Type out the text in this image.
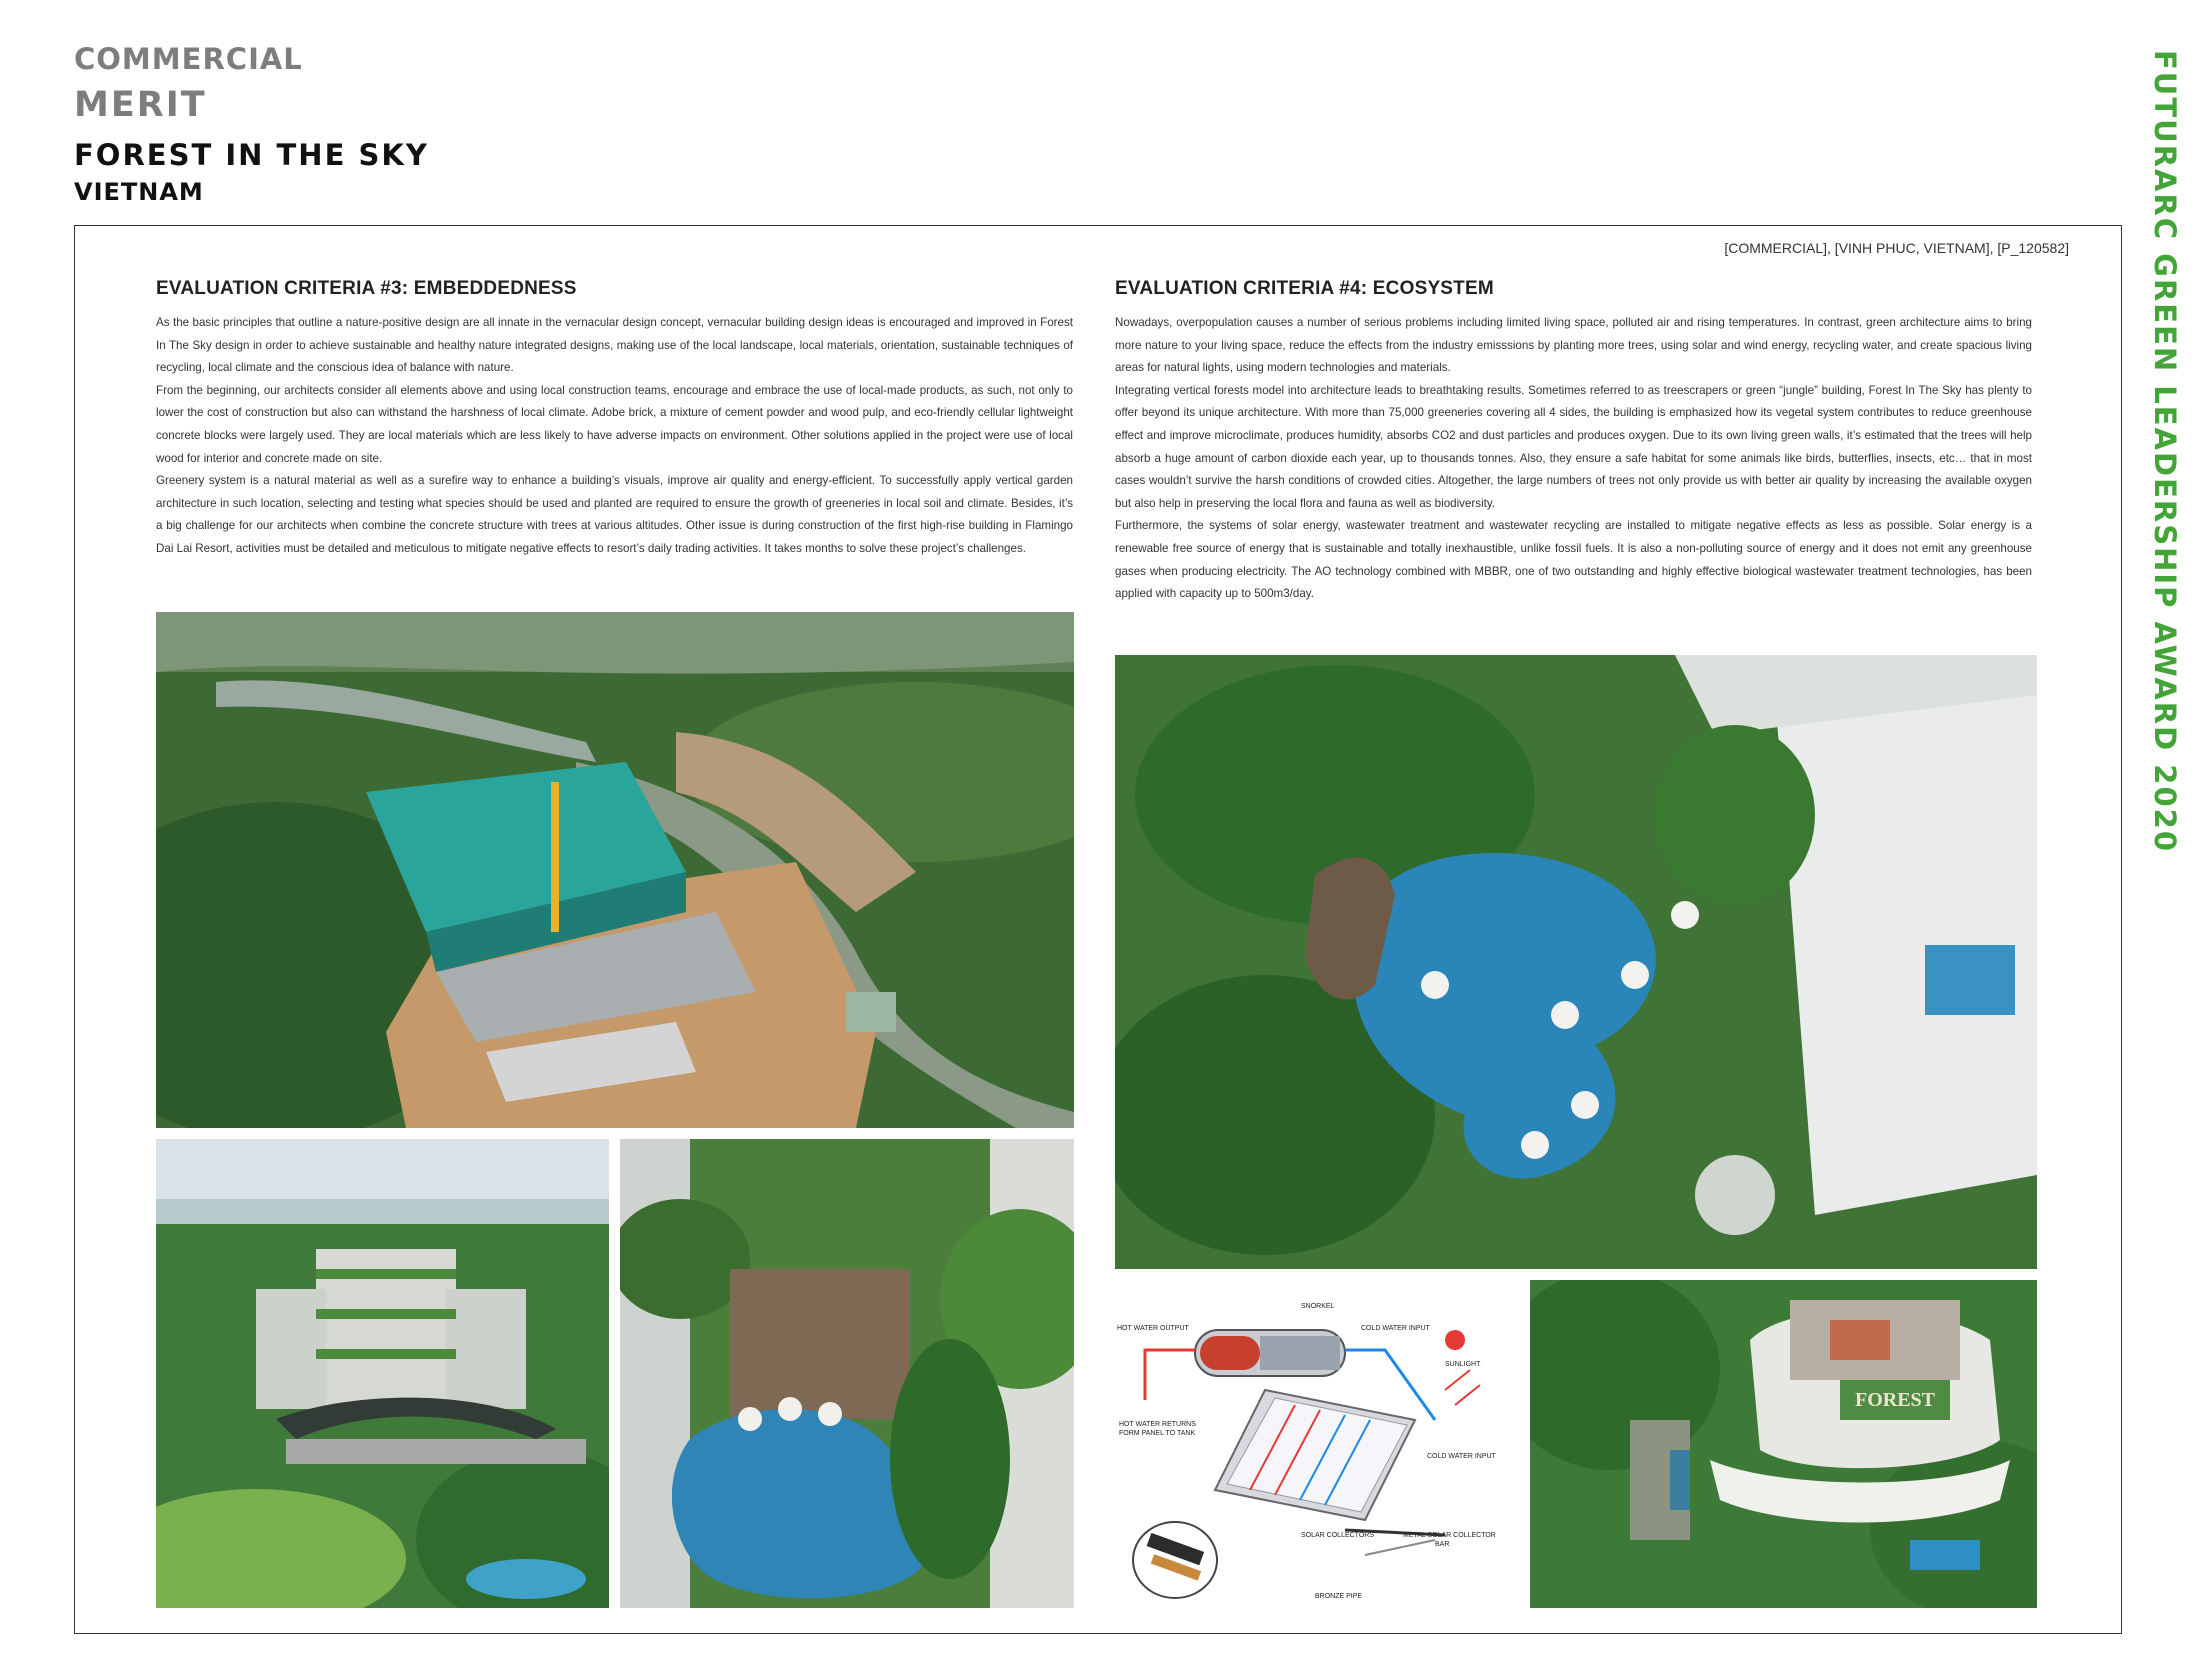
COMMERCIAL
MERIT
FOREST IN THE SKY
VIETNAM	FUTURARC GREEN LEADERSHIP AWARD 2020
[COMMERCIAL], [VINH PHUC, VIETNAM], [P_120582]
EVALUATION CRITERIA #3: EMBEDDEDNESS

As the basic principles that outline a nature-positive design are all innate in the vernacular design concept, vernacular building design ideas is encouraged and improved in Forest In The Sky design in order to achieve sustainable and healthy nature integrated designs, making use of the local landscape, local materials, orientation, sustainable techniques of recycling, local climate and the conscious idea of balance with nature.

From the beginning, our architects consider all elements above and using local construction teams, encourage and embrace the use of local-made products, as such, not only to lower the cost of construction but also can withstand the harshness of local climate. Adobe brick, a mixture of cement powder and wood pulp, and eco-friendly cellular lightweight concrete blocks were largely used. They are local materials which are less likely to have adverse impacts on environment. Other solutions applied in the project were use of local wood for interior and concrete made on site.

Greenery system is a natural material as well as a surefire way to enhance a building’s visuals, improve air quality and energy-efficient. To successfully apply vertical garden architecture in such location, selecting and testing what species should be used and planted are required to ensure the growth of greeneries in local soil and climate. Besides, it’s a big challenge for our architects when combine the concrete structure with trees at various altitudes. Other issue is during construction of the first high-rise building in Flamingo Dai Lai Resort, activities must be detailed and meticulous to mitigate negative effects to resort’s daily trading activities. It takes months to solve these project’s challenges.

EVALUATION CRITERIA #4: ECOSYSTEM

Nowadays, overpopulation causes a number of serious problems including limited living space, polluted air and rising temperatures. In contrast, green architecture aims to bring more nature to your living space, reduce the effects from the industry emisssions by planting more trees, using solar and wind energy, recycling water, and create spacious living areas for natural lights, using modern technologies and materials.

Integrating vertical forests model into architecture leads to breathtaking results. Sometimes referred to as treescrapers or green “jungle” building, Forest In The Sky has plenty to offer beyond its unique architecture. With more than 75,000 greeneries covering all 4 sides, the building is emphasized how its vegetal system contributes to reduce greenhouse effect and improve microclimate, produces humidity, absorbs CO2 and dust particles and produces oxygen. Due to its own living green walls, it’s estimated that the trees will help absorb a huge amount of carbon dioxide each year, up to thousands tonnes. Also, they ensure a safe habitat for some animals like birds, butterflies, insects, etc… that in most cases wouldn’t survive the harsh conditions of crowded cities. Altogether, the large numbers of trees not only provide us with better air quality by increasing the available oxygen but also help in preserving the local flora and fauna as well as biodiversity.

Furthermore, the systems of solar energy, wastewater treatment and wastewater recycling are installed to mitigate negative effects as less as possible. Solar energy is a renewable free source of energy that is sustainable and totally inexhaustible, unlike fossil fuels. It is also a non-polluting source of energy and it does not emit any greenhouse gases when producing electricity. The AO technology combined with MBBR, one of two outstanding and highly effective biological wastewater treatment technologies, has been applied with capacity up to 500m3/day.

SNORKEL
HOT WATER OUTPUT	COLD WATER INPUT
SUNLIGHT
HOT WATER RETURNS
FORM PANEL TO TANK
COLD WATER INPUT
SOLAR COLLECTORS	METAL SOLAR COLLECTOR
BAR
BRONZE PIPE
FOREST
